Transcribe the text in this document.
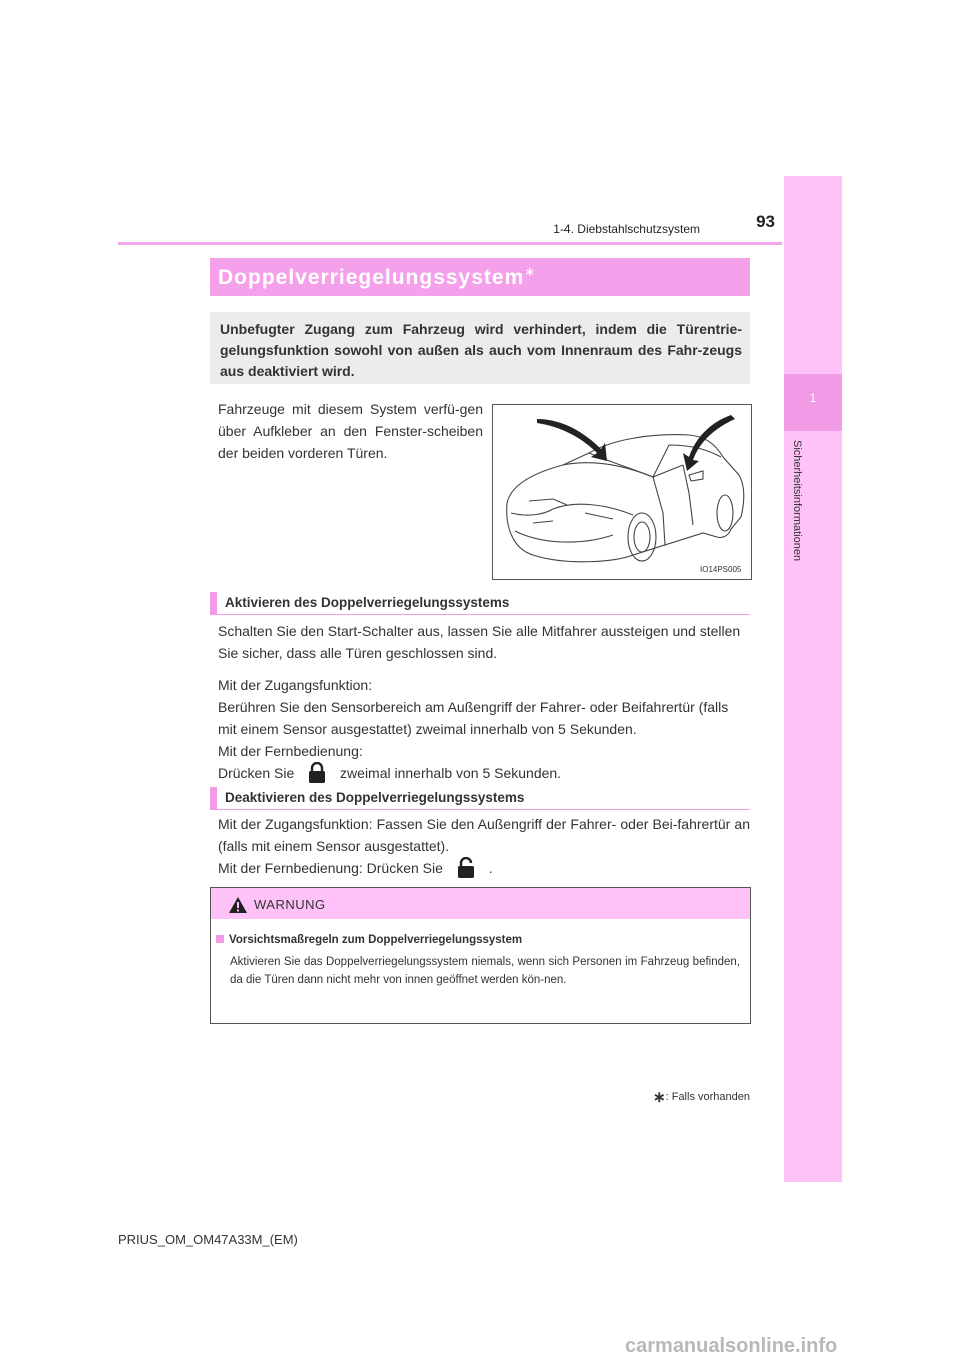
1
Sicherheitsinformationen
93
1-4. Diebstahlschutzsystem
Doppelverriegelungssystem∗
Unbefugter Zugang zum Fahrzeug wird verhindert, indem die Türentrie-gelungsfunktion sowohl von außen als auch vom Innenraum des Fahr-zeugs aus deaktiviert wird.
Fahrzeuge mit diesem System verfü-gen über Aufkleber an den Fenster-scheiben der beiden vorderen Türen.
IO14PS005
Aktivieren des Doppelverriegelungssystems
Schalten Sie den Start-Schalter aus, lassen Sie alle Mitfahrer aussteigen und stellen Sie sicher, dass alle Türen geschlossen sind.
Mit der Zugangsfunktion:
Berühren Sie den Sensorbereich am Außengriff der Fahrer- oder Beifahrertür (falls mit einem Sensor ausgestattet) zweimal innerhalb von 5 Sekunden.
Mit der Fernbedienung:
Drücken Sie	zweimal innerhalb von 5 Sekunden.
Deaktivieren des Doppelverriegelungssystems
Mit der Zugangsfunktion: Fassen Sie den Außengriff der Fahrer- oder Bei-fahrertür an (falls mit einem Sensor ausgestattet).
Mit der Fernbedienung: Drücken Sie	.
WARNUNG
Vorsichtsmaßregeln zum Doppelverriegelungssystem
Aktivieren Sie das Doppelverriegelungssystem niemals, wenn sich Personen im Fahrzeug befinden, da die Türen dann nicht mehr von innen geöffnet werden kön-nen.
∗: Falls vorhanden
PRIUS_OM_OM47A33M_(EM)
carmanualsonline.info
